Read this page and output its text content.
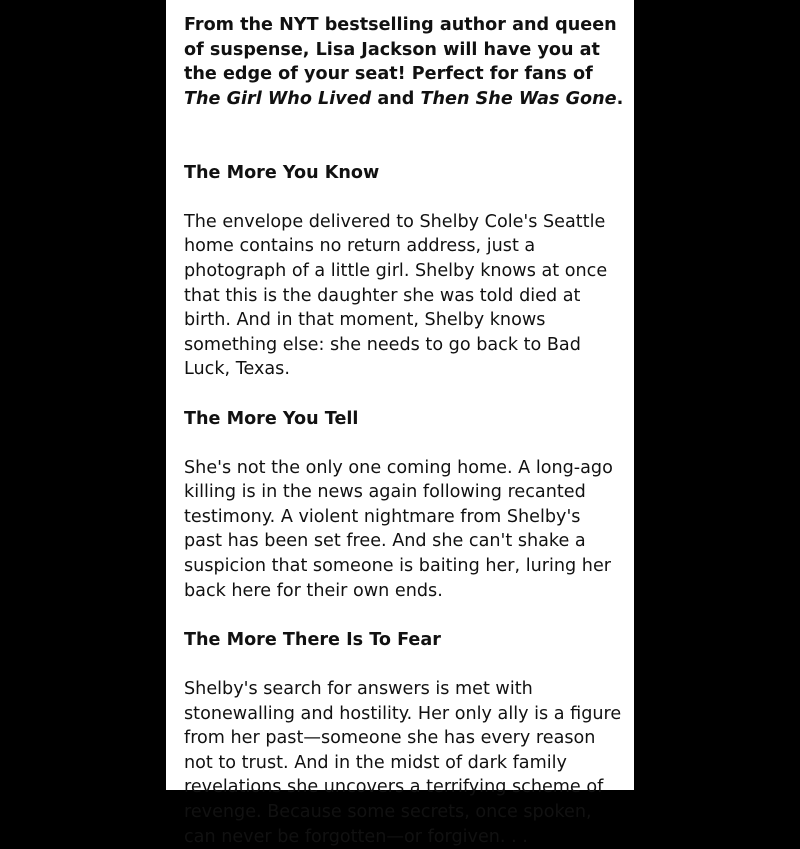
From the NYT bestselling author and queen of suspense, Lisa Jackson will have you at the edge of your seat! Perfect for fans of The Girl Who Lived and Then She Was Gone.

The More You Know

The envelope delivered to Shelby Cole's Seattle home contains no return address, just a photograph of a little girl. Shelby knows at once that this is the daughter she was told died at birth. And in that moment, Shelby knows something else: she needs to go back to Bad Luck, Texas.

The More You Tell

She's not the only one coming home. A long-ago killing is in the news again following recanted testimony. A violent nightmare from Shelby's past has been set free. And she can't shake a suspicion that someone is baiting her, luring her back here for their own ends.

The More There Is To Fear

Shelby's search for answers is met with stonewalling and hostility. Her only ally is a figure from her past—someone she has every reason not to trust. And in the midst of dark family revelations she uncovers a terrifying scheme of revenge. Because some secrets, once spoken, can never be forgotten—or forgiven. . .
